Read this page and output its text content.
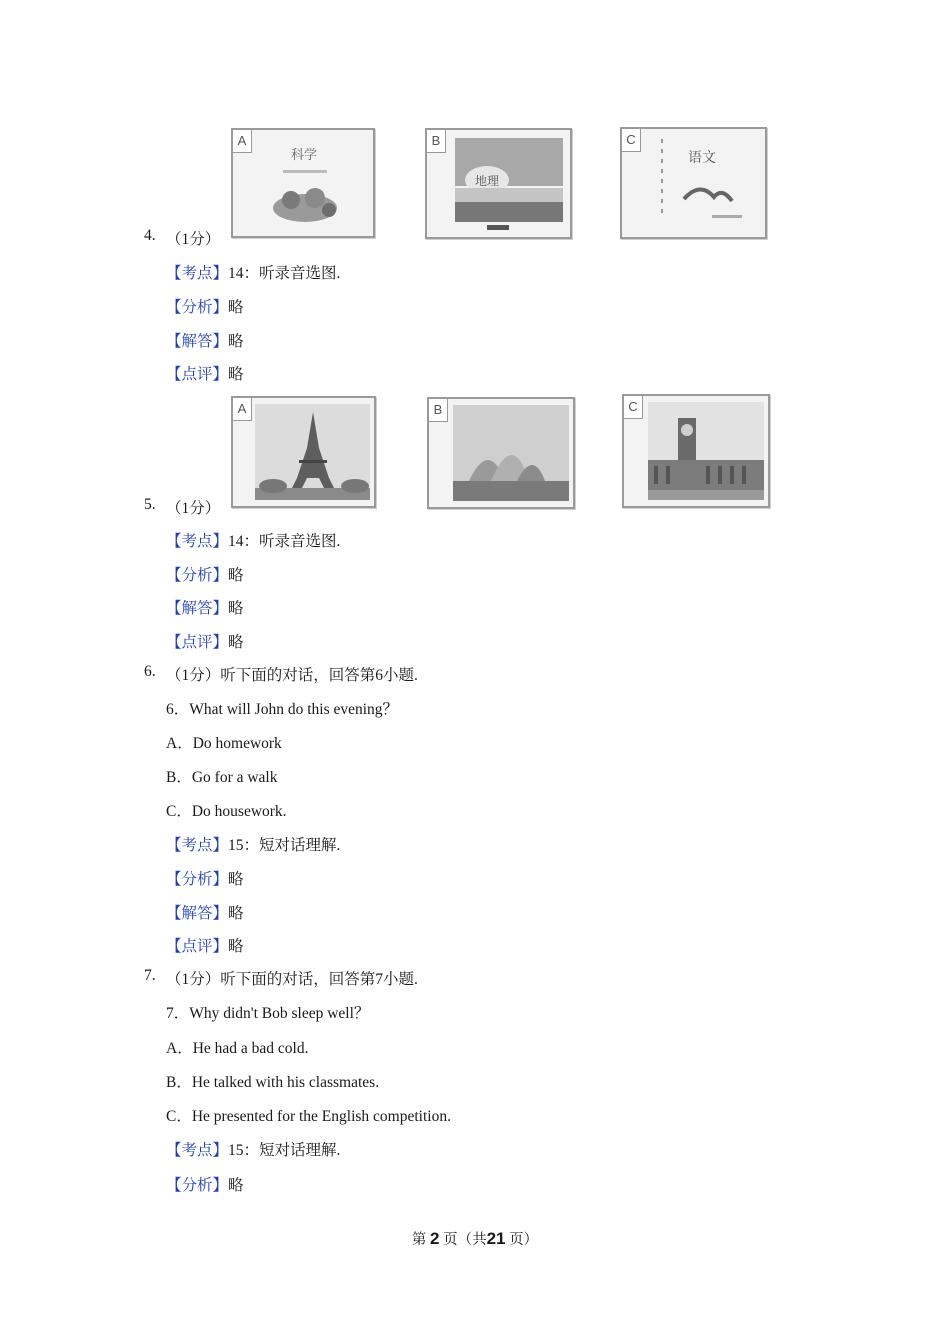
A
科学
B
地理
C
语文
4. （1分）
【考点】14：听录音选图.
【分析】略
【解答】略
【点评】略
A	B	C
5. （1分）
【考点】14：听录音选图.
【分析】略
【解答】略
【点评】略
6. （1分）听下面的对话，回答第6小题.
6．What will John do this evening？
A．Do homework
B．Go for a walk
C．Do housework.
【考点】15：短对话理解.
【分析】略
【解答】略
【点评】略
7. （1分）听下面的对话，回答第7小题.
7．Why didn't Bob sleep well？
A．He had a bad cold.
B．He talked with his classmates.
C．He presented for the English competition.
【考点】15：短对话理解.
【分析】略
第 2 页（共21 页）
